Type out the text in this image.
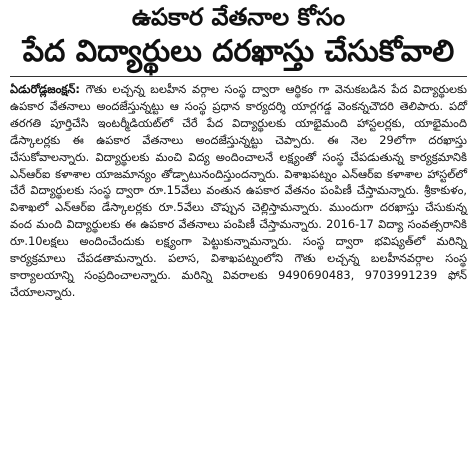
ఉపకార వేతనాల కోసం
పేద విద్యార్థులు దరఖాస్తు చేసుకోవాలి
ఏడురోడ్లజంక్షన్‌: గౌతు లచ్చన్న బలహీన వర్గాల సంస్థ ద్వారా ఆర్థికం గా వెనుకబడిన పేద విద్యార్థులకు ఉపకార వేతనాలు అందజేస్తున్నట్టు ఆ సంస్థ ప్రధాన కార్యదర్శి యార్లగడ్డ వెంకన్నచౌదరి తెలిపారు. పదో తరగతి పూర్తిచేసి ఇంటర్మీడియట్‌లో చేరే పేద విద్యార్థులకు యాభైమంది హాస్టలర్లకు, యాభైమంది డేస్కాలర్లకు ఈ ఉపకార వేతనాలు అందజేస్తున్నట్టు చెప్పారు. ఈ నెల 29లోగా దరఖాస్తు చేసుకోవాలన్నారు. విద్యార్థులకు మంచి విద్య అందించాలనే లక్ష్యంతో సంస్థ చేపడుతున్న కార్యక్రమానికి ఎన్‌ఆర్‌ఐ కళాశాల యాజమాన్యం తోడ్పాటునందిస్తుందన్నారు. విశాఖపట్నం ఎన్‌ఆర్‌ఐ కళాశాల హాస్టల్‌లో చేరే విద్యార్థులకు సంస్థ ద్వారా రూ.15వేలు వంతున ఉపకార వేతనం పంపిణీ చేస్తామన్నారు. శ్రీకాకుళం, విశాఖలో ఎన్‌ఆర్‌ఐ డేస్కాలర్లకు రూ.5వేలు చొప్పున చెల్లిస్తామన్నారు. ముందుగా దరఖాస్తు చేసుకున్న వంద మంది విద్యార్థులకు ఈ ఉపకార వేతనాలు పంపిణీ చేస్తామన్నారు. 2016-17 విద్యా సంవత్సరానికి రూ.10లక్షలు అందించేందుకు లక్ష్యంగా పెట్టుకున్నామన్నారు. సంస్థ ద్వారా భవిష్యత్‌లో మరిన్ని కార్యక్రమాలు చేపడతామన్నారు. పలాస, విశాఖపట్నంలోని గౌతు లచ్చన్న బలహీనవర్గాల సంస్థ కార్యాలయాన్ని సంప్రదించాలన్నారు. మరిన్ని వివరాలకు 9490690483, 9703991239 ఫోన్‌ చేయాలన్నారు.
